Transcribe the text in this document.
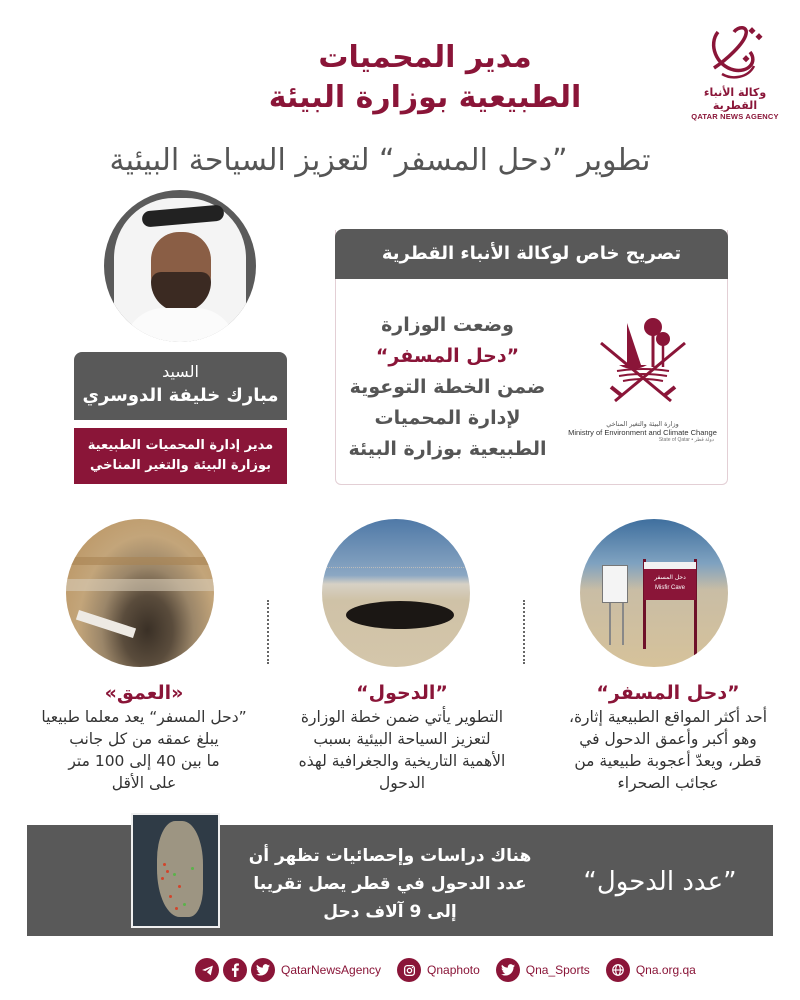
مدير المحميات
الطبيعية بوزارة البيئة	وكالة الأنباء القطرية
QATAR NEWS AGENCY
تطوير ”دحل المسفر“ لتعزيز السياحة البيئية
تصريح خاص لوكالة الأنباء القطرية
وضعت الوزارة
”دحل المسفر“
ضمن الخطة التوعوية
لإدارة المحميات
الطبيعية بوزارة البيئة
وزارة البيئة والتغير المناخي
Ministry of Environment and Climate Change
State of Qatar • دولة قطر
السيد
مبارك خليفة الدوسري
مدير إدارة المحميات الطبيعية
بوزارة البيئة والتغير المناخي
دحل المسفر
Misfir Cave
”دحل المسفر“
أحد أكثر المواقع الطبيعية إثارة،
وهو أكبر وأعمق الدحول في
قطر، ويعدّ أعجوبة طبيعية من
عجائب الصحراء
”الدحول“
التطوير يأتي ضمن خطة الوزارة
لتعزيز السياحة البيئية بسبب
الأهمية التاريخية والجغرافية لهذه
الدحول
«العمق»
”دحل المسفر“ يعد معلما طبيعيا
يبلغ عمقه من كل جانب
ما بين 40 إلى 100 متر
على الأقل
هناك دراسات وإحصائيات تظهر أن
عدد الدحول في قطر يصل تقريبا
إلى 9 آلاف دحل
”عدد الدحول“
QatarNewsAgency	Qnaphoto	Qna_Sports	Qna.org.qa
